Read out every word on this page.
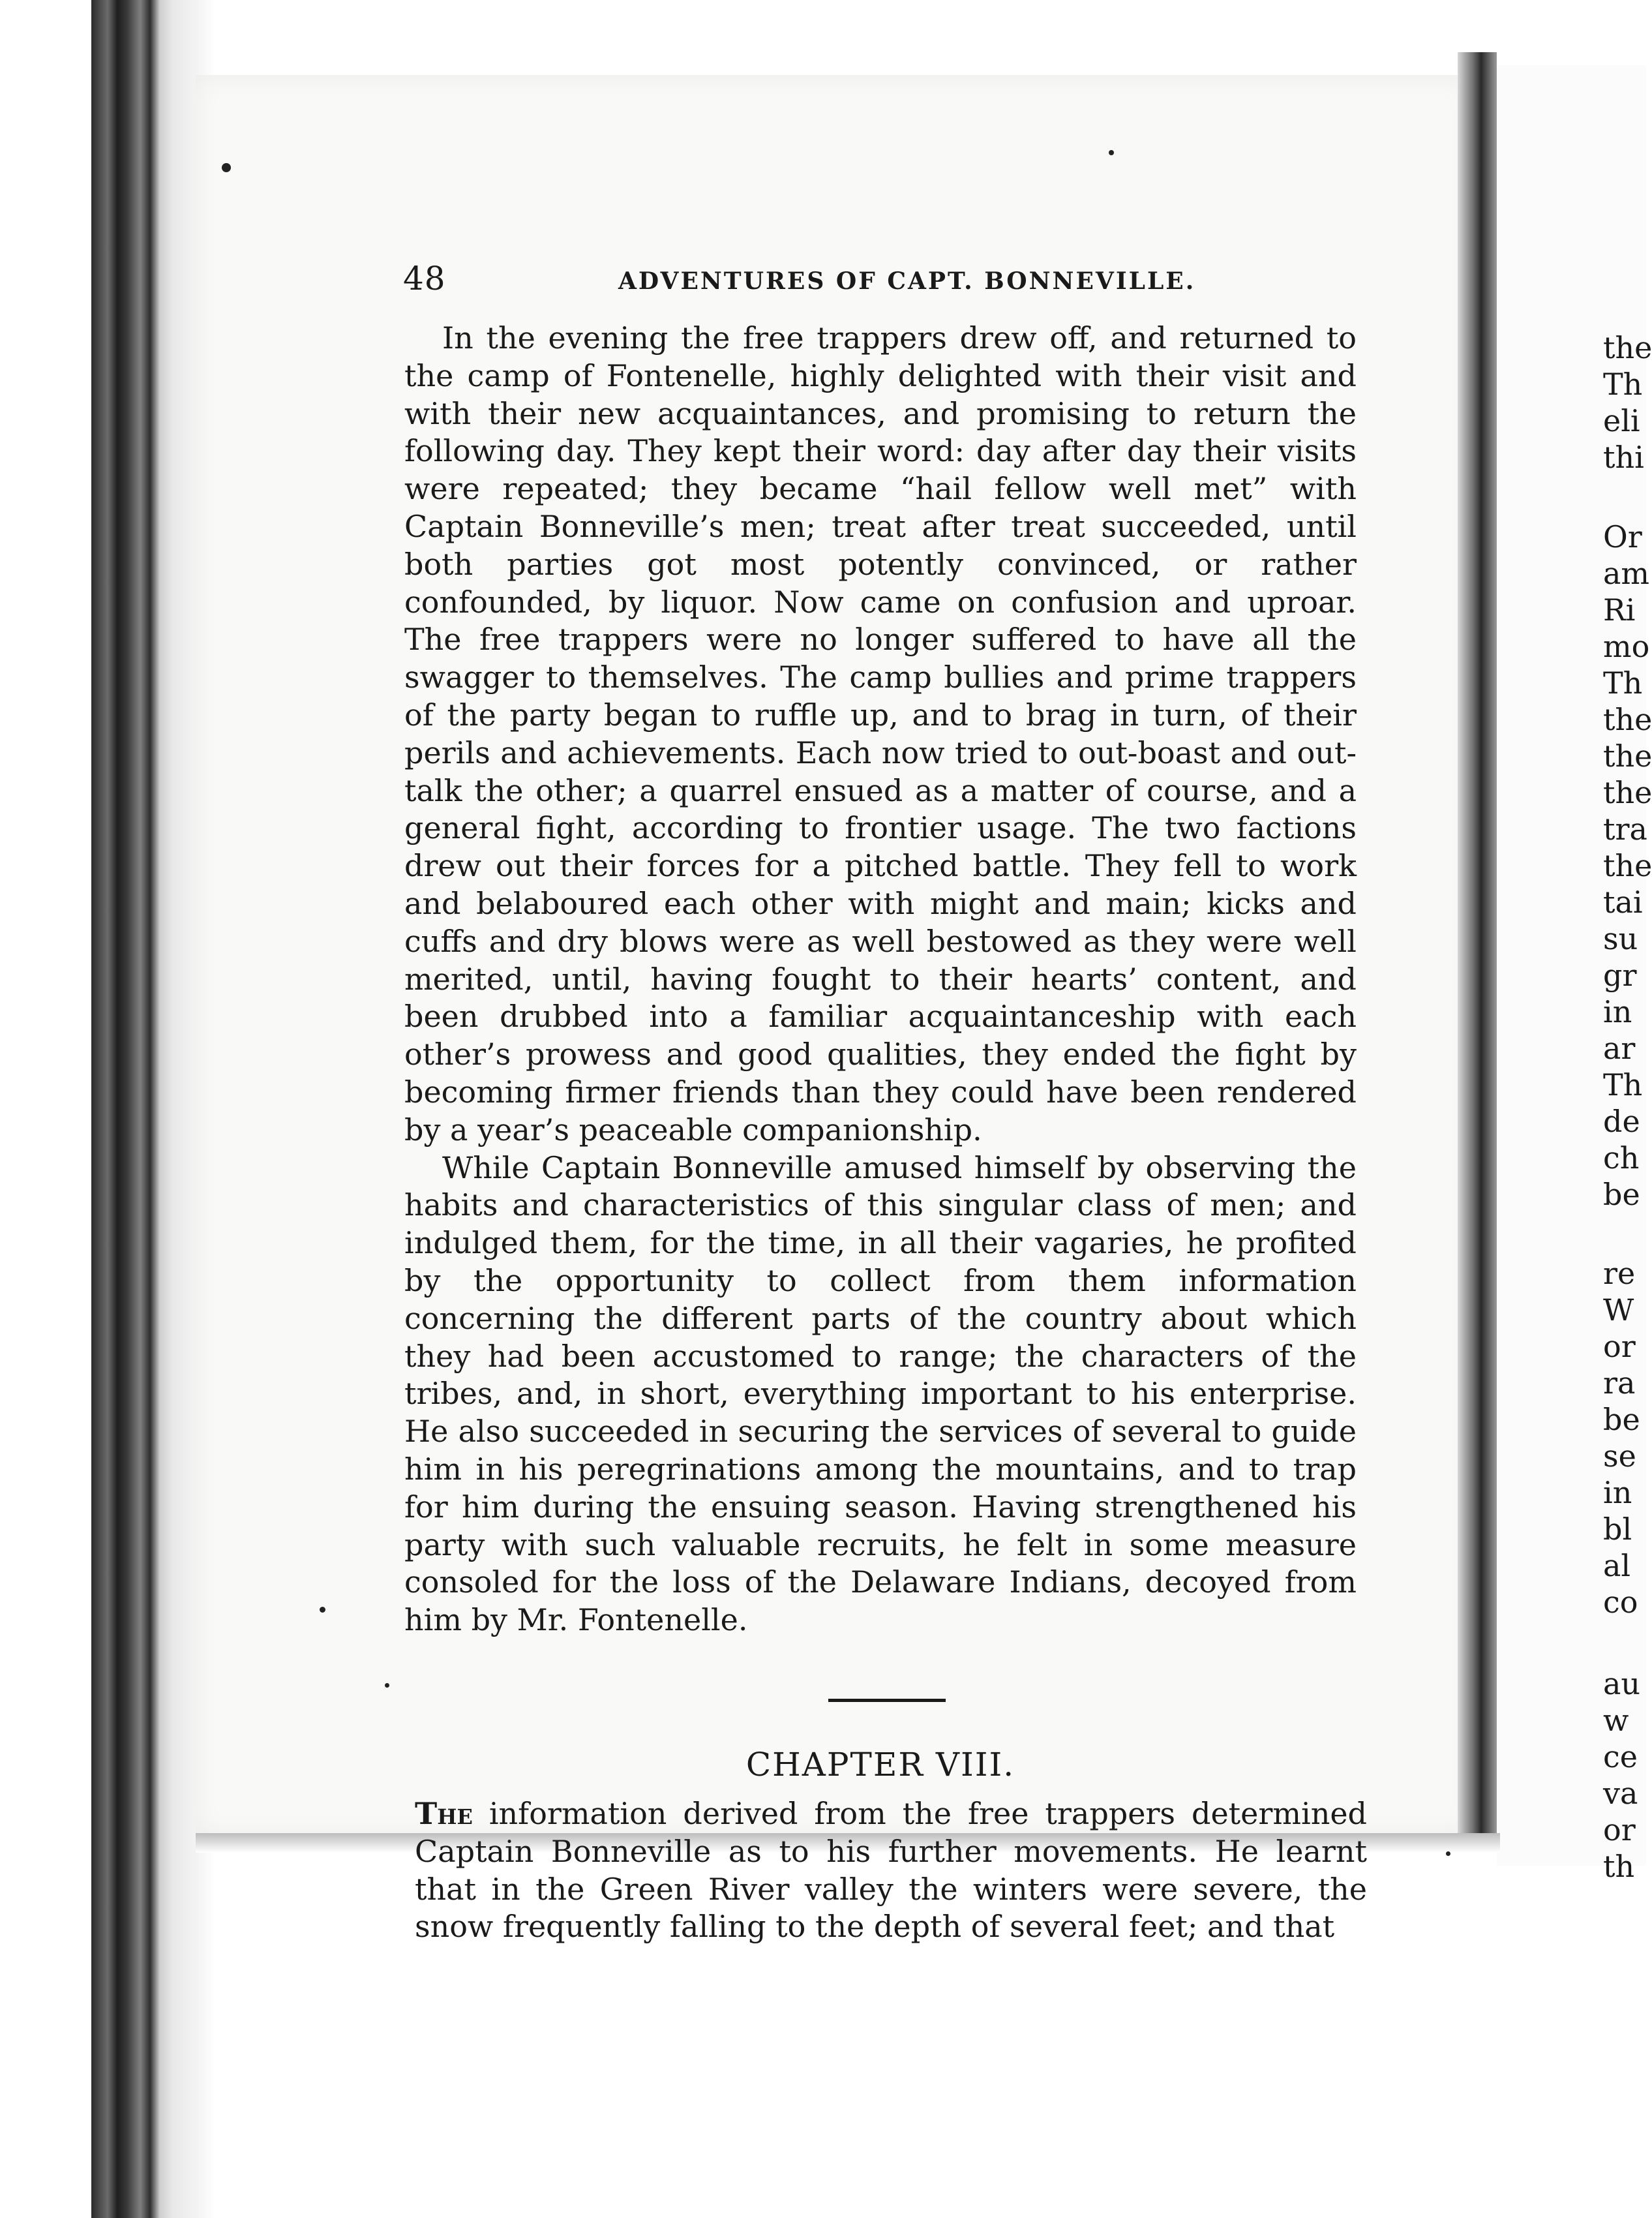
48	ADVENTURES OF CAPT. BONNEVILLE.

In the evening the free trappers drew off, and returned to the camp of Fontenelle, highly delighted with their visit and with their new acquaintances, and promising to return the following day. They kept their word: day after day their visits were repeated; they became “hail fellow well met” with Captain Bonneville’s men; treat after treat succeeded, until both parties got most potently convinced, or rather confounded, by liquor. Now came on confusion and uproar. The free trappers were no longer suffered to have all the swagger to themselves. The camp bullies and prime trappers of the party began to ruffle up, and to brag in turn, of their perils and achievements. Each now tried to out-boast and out-talk the other; a quarrel ensued as a matter of course, and a general fight, according to frontier usage. The two factions drew out their forces for a pitched battle. They fell to work and belaboured each other with might and main; kicks and cuffs and dry blows were as well bestowed as they were well merited, until, having fought to their hearts’ content, and been drubbed into a familiar acquaintanceship with each other’s prowess and good qualities, they ended the fight by becoming firmer friends than they could have been rendered by a year’s peaceable companionship.

While Captain Bonneville amused himself by observing the habits and characteristics of this singular class of men; and indulged them, for the time, in all their vagaries, he profited by the opportunity to collect from them information concerning the different parts of the country about which they had been accustomed to range; the characters of the tribes, and, in short, everything important to his enterprise. He also succeeded in securing the services of several to guide him in his peregrinations among the mountains, and to trap for him during the ensuing season. Having strengthened his party with such valuable recruits, he felt in some measure consoled for the loss of the Delaware Indians, decoyed from him by Mr. Fontenelle.

CHAPTER VIII.

The information derived from the free trappers determined Captain Bonneville as to his further movements. He learnt that in the Green River valley the winters were severe, the snow frequently falling to the depth of several feet; and that

the
Th
eli
thi
Or
am
Ri
mo
Th
the
the
the
tra
the
tai
su
gr
in
ar
Th
de
ch
be
re
W
or
ra
be
se
in
bl
al
co
au
w
ce
va
or
th
